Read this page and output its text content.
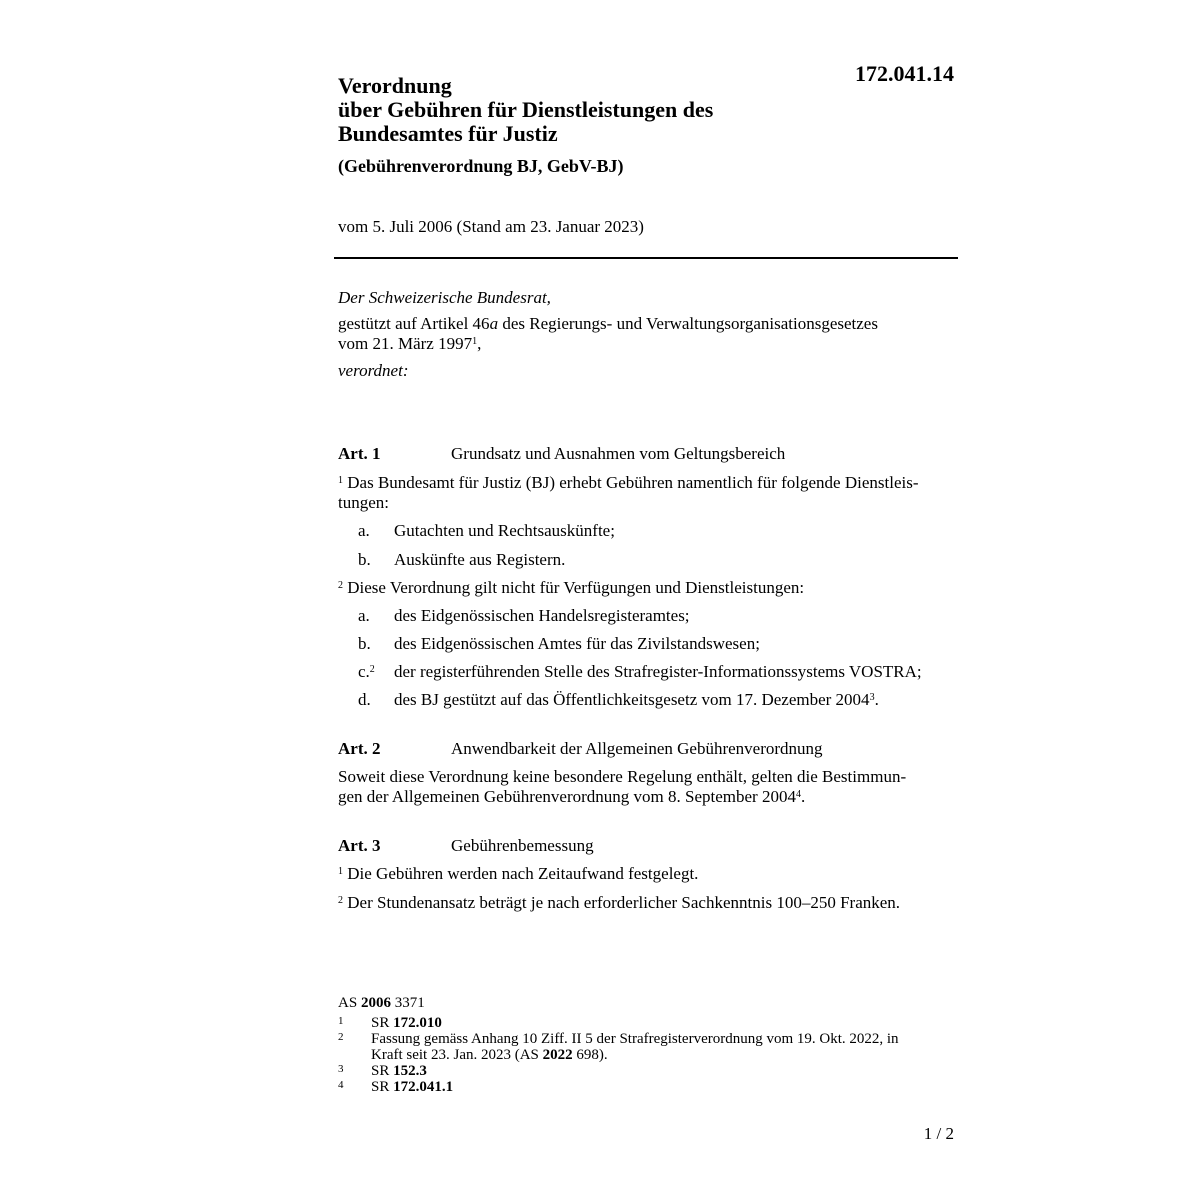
172.041.14
Verordnung
über Gebühren für Dienstleistungen des
Bundesamtes für Justiz
(Gebührenverordnung BJ, GebV-BJ)
vom 5. Juli 2006 (Stand am 23. Januar 2023)
Der Schweizerische Bundesrat,
gestützt auf Artikel 46a des Regierungs- und Verwaltungsorganisationsgesetzes
vom 21. März 1997$^1$,
verordnet:
Art. 1	Grundsatz und Ausnahmen vom Geltungsbereich
$^1$ Das Bundesamt für Justiz (BJ) erhebt Gebühren namentlich für folgende Dienstleis-
tungen:
a. Gutachten und Rechtsauskünfte;
b. Auskünfte aus Registern.
$^2$ Diese Verordnung gilt nicht für Verfügungen und Dienstleistungen:
a. des Eidgenössischen Handelsregisteramtes;
b. des Eidgenössischen Amtes für das Zivilstandswesen;
c.$^2$ der registerführenden Stelle des Strafregister-Informationssystems VOSTRA;
d. des BJ gestützt auf das Öffentlichkeitsgesetz vom 17. Dezember 2004$^3$.
Art. 2	Anwendbarkeit der Allgemeinen Gebührenverordnung
Soweit diese Verordnung keine besondere Regelung enthält, gelten die Bestimmun-
gen der Allgemeinen Gebührenverordnung vom 8. September 2004$^4$.
Art. 3	Gebührenbemessung
$^1$ Die Gebühren werden nach Zeitaufwand festgelegt.
$^2$ Der Stundenansatz beträgt je nach erforderlicher Sachkenntnis 100–250 Franken.
AS 2006 3371
1 SR 172.010
2 Fassung gemäss Anhang 10 Ziff. II 5 der Strafregisterverordnung vom 19. Okt. 2022, in
Kraft seit 23. Jan. 2023 (AS 2022 698).
3 SR 152.3
4 SR 172.041.1
1 / 2
